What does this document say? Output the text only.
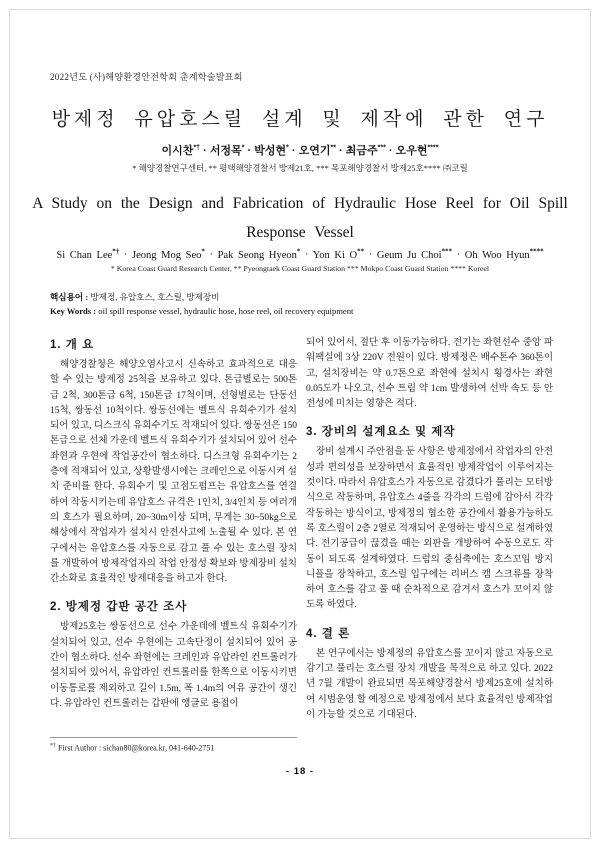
2022년도 (사)해양환경안전학회 춘계학술발표회
방제정 유압호스릴 설계 및 제작에 관한 연구
이시찬*† · 서정목* · 박성현* · 오연기** · 최금주*** · 오우현****
* 해양경찰연구센터, ** 평택해양경찰서 방제21호, *** 목포해양경찰서 방제25호**** ㈜코릴
A Study on the Design and Fabrication of Hydraulic Hose Reel for Oil Spill
Response Vessel
Si Chan Lee*† · Jeong Mog Seo* · Pak Seong Hyeon* · Yon Ki O** · Geum Ju Choi*** · Oh Woo Hyun****
* Korea Coast Guard Research Center, ** Pyeongtaek Coast Guard Station *** Mokpo Coast Guard Station **** Koreel
핵심용어 : 방제정, 유압호스, 호스릴, 방제장비
Key Words : oil spill response vessel, hydraulic hose, hose reel, oil recovery equipment
1. 개 요
해양경찰청은 해양오염사고시 신속하고 효과적으로 대응할 수 있는 방제정 25척을 보유하고 있다. 톤급별로는 500톤급 2척, 300톤급 6척, 150톤급 17척이며, 선형별로는 단동선 15척, 쌍동선 10척이다. 쌍동선에는 벨트식 유회수기가 설치되어 있고, 디스크식 유회수기도 적재되어 있다. 쌍동선은 150톤급으로 선체 가운데 벨트식 유회수기가 설치되어 있어 선수 좌현과 우현에 작업공간이 협소하다. 디스크형 유회수기는 2층에 적재되어 있고, 상황발생시에는 크레인으로 이동시켜 설치 준비를 한다. 유회수기 및 고점도펌프는 유압호스를 연결하여 작동시키는데 유압호스 규격은 1인치, 3/4인치 등 여러개의 호스가 필요하며, 20~30m이상 되며, 무게는 30~50kg으로 해상에서 작업자가 설치시 안전사고에 노출될 수 있다. 본 연구에서는 유압호스를 자동으로 감고 풀 수 있는 호스릴 장치를 개발하여 방제작업자의 작업 안정성 확보와 방제장비 설치 간소화로 효율적인 방제대응을 하고자 한다.
2. 방제정 갑판 공간 조사
방제25호는 쌍동선으로 선수 가운데에 벨트식 유회수기가 설치되어 있고, 선수 우현에는 고속단정이 설치되어 있어 공간이 협소하다. 선수 좌현에는 크레인과 유압라인 컨트롤러가 설치되어 있어서, 유압라인 컨트롤러를 한쪽으로 이동시키면 이동통로를 제외하고 길이 1.5m, 폭 1.4m의 여유 공간이 생긴다. 유압라인 컨트롤러는 갑판에 앵글로 용접이
되어 있어서, 절단 후 이동가능하다. 전기는 좌현선수 중앙 파워팩실에 3상 220V 전원이 있다. 방제정은 배수톤수 360톤이고, 설치장비는 약 0.7톤으로 좌현에 설치시 횡경사는 좌현 0.05도가 나오고, 선수 트림 약 1cm 발생하여 선박 속도 등 안전성에 미치는 영향은 적다.
3. 장비의 설계요소 및 제작
장비 설계시 주안점을 둔 사항은 방제정에서 작업자의 안전성과 편의성을 보장하면서 효율적인 방제작업이 이루어지는 것이다. 따라서 유압호스가 자동으로 감겼다가 풀리는 모터방식으로 작동하며, 유압호스 4줄을 각각의 드럼에 감아서 각각 작동하는 방식이고, 방제정의 협소한 공간에서 활용가능하도록 호스릴이 2층 2열로 적재되어 운영하는 방식으로 설계하였다. 전기공급이 끊겼을 때는 외판을 개방하여 수동으로도 작동이 되도록 설계하였다. 드럼의 중심축에는 호스꼬임 방지 니플을 장착하고, 호스릴 입구에는 리버스 캠 스크류를 장착하여 호스를 감고 풀 때 순차적으로 감겨서 호스가 꼬이지 않도록 하였다.
4. 결 론
본 연구에서는 방제정의 유압호스를 꼬이지 않고 자동으로 감기고 풀리는 호스릴 장치 개발을 목적으로 하고 있다. 2022년 7월 개발이 완료되면 목포해양경찰서 방제25호에 설치하여 시범운영 할 예정으로 방제정에서 보다 효율적인 방제작업이 가능할 것으로 기대된다.
*† First Author : sichan80@korea.kr, 041-640-2751
- 18 -
